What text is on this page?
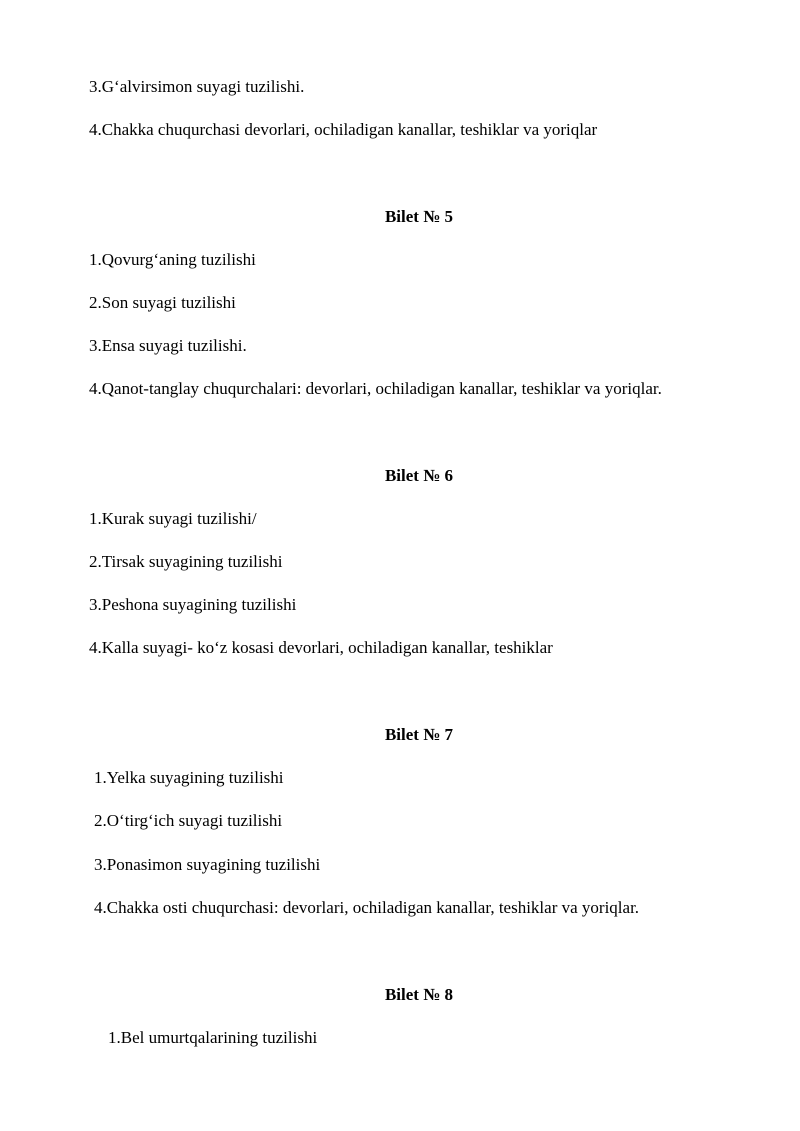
3.G‘alvirsimon suyagi tuzilishi.
4.Chakka chuqurchasi devorlari, ochiladigan kanallar, teshiklar va yoriqlar
Bilet № 5
1.Qovurg‘aning tuzilishi
2.Son suyagi tuzilishi
3.Ensa suyagi tuzilishi.
4.Qanot-tanglay chuqurchalari: devorlari, ochiladigan kanallar, teshiklar va yoriqlar.
Bilet № 6
1.Kurak suyagi tuzilishi/
2.Tirsak suyagining tuzilishi
3.Peshona suyagining tuzilishi
4.Kalla suyagi- ko‘z kosasi devorlari, ochiladigan kanallar, teshiklar
Bilet № 7
1.Yelka suyagining tuzilishi
2.O‘tirg‘ich suyagi tuzilishi
3.Ponasimon suyagining tuzilishi
4.Chakka osti chuqurchasi: devorlari, ochiladigan kanallar, teshiklar va yoriqlar.
Bilet № 8
1.Bel umurtqalarining tuzilishi
